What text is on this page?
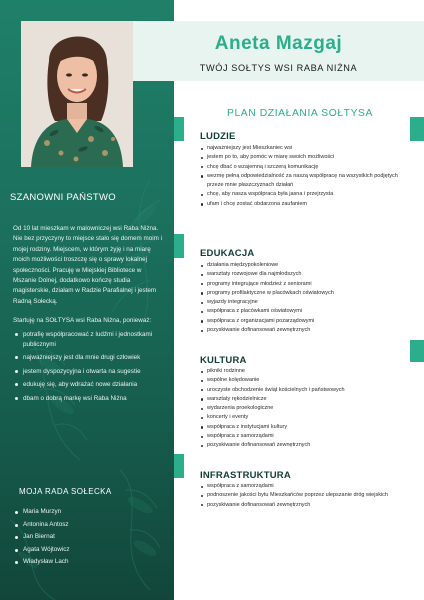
SZANOWNI PAŃSTWO

Od 10 lat mieszkam w malowniczej wsi Raba Niżna. Nie bez przyczyny to miejsce stało się domem moim i mojej rodziny. Miejscem, w którym żyję i na miarę moich możliwości troszczę się o sprawy lokalnej społeczności. Pracuję w Miejskiej Bibliotece w Mszanie Dolnej, dodatkowo kończę studia magisterskie, działam w Radzie Parafialnej i jestem Radną Sołecką.

Startuję na SOŁTYSA wsi Raba Niżna, ponieważ:

potrafię współpracować z ludźmi i jednostkami publicznymi
najważniejszy jest dla mnie drugi człowiek
jestem dyspozycyjna i otwarta na sugestie
edukuję się, aby wdrażać nowe działania
dbam o dobrą markę wsi Raba Niżna
MOJA RADA SOŁECKA
Maria Murzyn
Antonina Antosz
Jan Biernat
Agata Wójtowicz
Władysław Lach
Aneta Mazgaj
TWÓJ SOŁTYS WSI RABA NIŻNA
PLAN DZIAŁANIA SOŁTYSA
LUDZIE
najważniejszy jest Mieszkaniec wsi
jestem po to, aby pomóc w miarę swoich możliwości
chcę dbać o wzajemną i szczerą komunikację
wezmę pełną odpowiedzialność za naszą współpracę na wszystkich podjętych przeze mnie płaszczyznach działań
chcę, aby nasza współpraca była jasna i przejrzysta
ufam i chcę zostać obdarzona zaufaniem
EDUKACJA
działania międzypokoleniowe
warsztaty rozwojowe dla najmłodszych
programy integrujące młodzież z seniorami
programy profilaktyczne w placówkach oświatowych
wyjazdy integracyjne
współpraca z placówkami oświatowymi
współpraca z organizacjami pozarządowymi
pozyskiwanie dofinansowań zewnętrznych
KULTURA
pikniki rodzinne
wspólne kolędowanie
uroczyste obchodzenie świąt kościelnych i państwowych
warsztaty rękodzielnicze
wydarzenia proekologiczne
koncerty i eventy
współpraca z instytucjami kultury
współpraca z samorządami
pozyskiwanie dofinansowań zewnętrznych
INFRASTRUKTURA
współpraca z samorządami
podnoszenie jakości bytu Mieszkańców poprzez ulepszanie dróg wiejskich
pozyskiwanie dofinansowań zewnętrznych
